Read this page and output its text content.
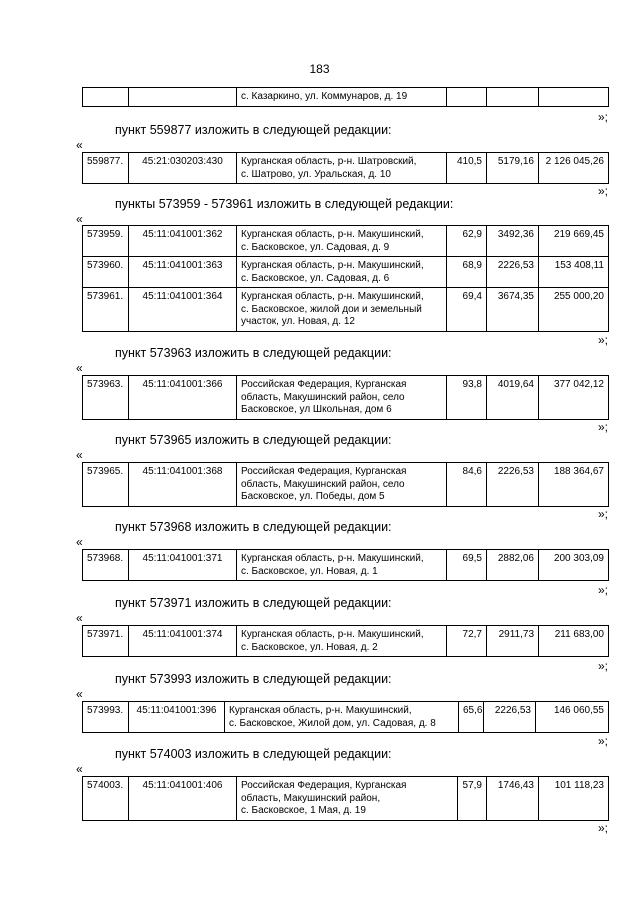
183
		с. Казаркино, ул. Коммунаров, д. 19			
»;
пункт 559877 изложить в следующей редакции:
«
559877.	45:21:030203:430	Курганская область, р-н. Шатровский,
с. Шатрово, ул. Уральская, д. 10	410,5	5179,16	2 126 045,26
»;
пункты 573959 - 573961 изложить в следующей редакции:
«
573959.	45:11:041001:362	Курганская область, р-н. Макушинский,
с. Басковское, ул. Садовая, д. 9	62,9	3492,36	219 669,45
573960.	45:11:041001:363	Курганская область, р-н. Макушинский,
с. Басковское, ул. Садовая, д. 6	68,9	2226,53	153 408,11
573961.	45:11:041001:364	Курганская область, р-н. Макушинский,
с. Басковское, жилой дои и земельный
участок, ул. Новая, д. 12	69,4	3674,35	255 000,20
»;
пункт 573963 изложить в следующей редакции:
«
573963.	45:11:041001:366	Российская Федерация, Курганская
область, Макушинский район, село
Басковское, ул Школьная, дом 6	93,8	4019,64	377 042,12
»;
пункт 573965 изложить в следующей редакции:
«
573965.	45:11:041001:368	Российская Федерация, Курганская
область, Макушинский район, село
Басковское, ул. Победы, дом 5	84,6	2226,53	188 364,67
»;
пункт 573968 изложить в следующей редакции:
«
573968.	45:11:041001:371	Курганская область, р-н. Макушинский,
с. Басковское, ул. Новая, д. 1	69,5	2882,06	200 303,09
»;
пункт 573971 изложить в следующей редакции:
«
573971.	45:11:041001:374	Курганская область, р-н. Макушинский,
с. Басковское, ул. Новая, д. 2	72,7	2911,73	211 683,00
»;
пункт 573993 изложить в следующей редакции:
«
573993.	45:11:041001:396	Курганская область, р-н. Макушинский,
с. Басковское, Жилой дом, ул. Садовая, д. 8	65,6	2226,53	146 060,55
»;
пункт 574003 изложить в следующей редакции:
«
574003.	45:11:041001:406	Российская Федерация, Курганская
область, Макушинский район,
с. Басковское, 1 Мая, д. 19	57,9	1746,43	101 118,23
»;
